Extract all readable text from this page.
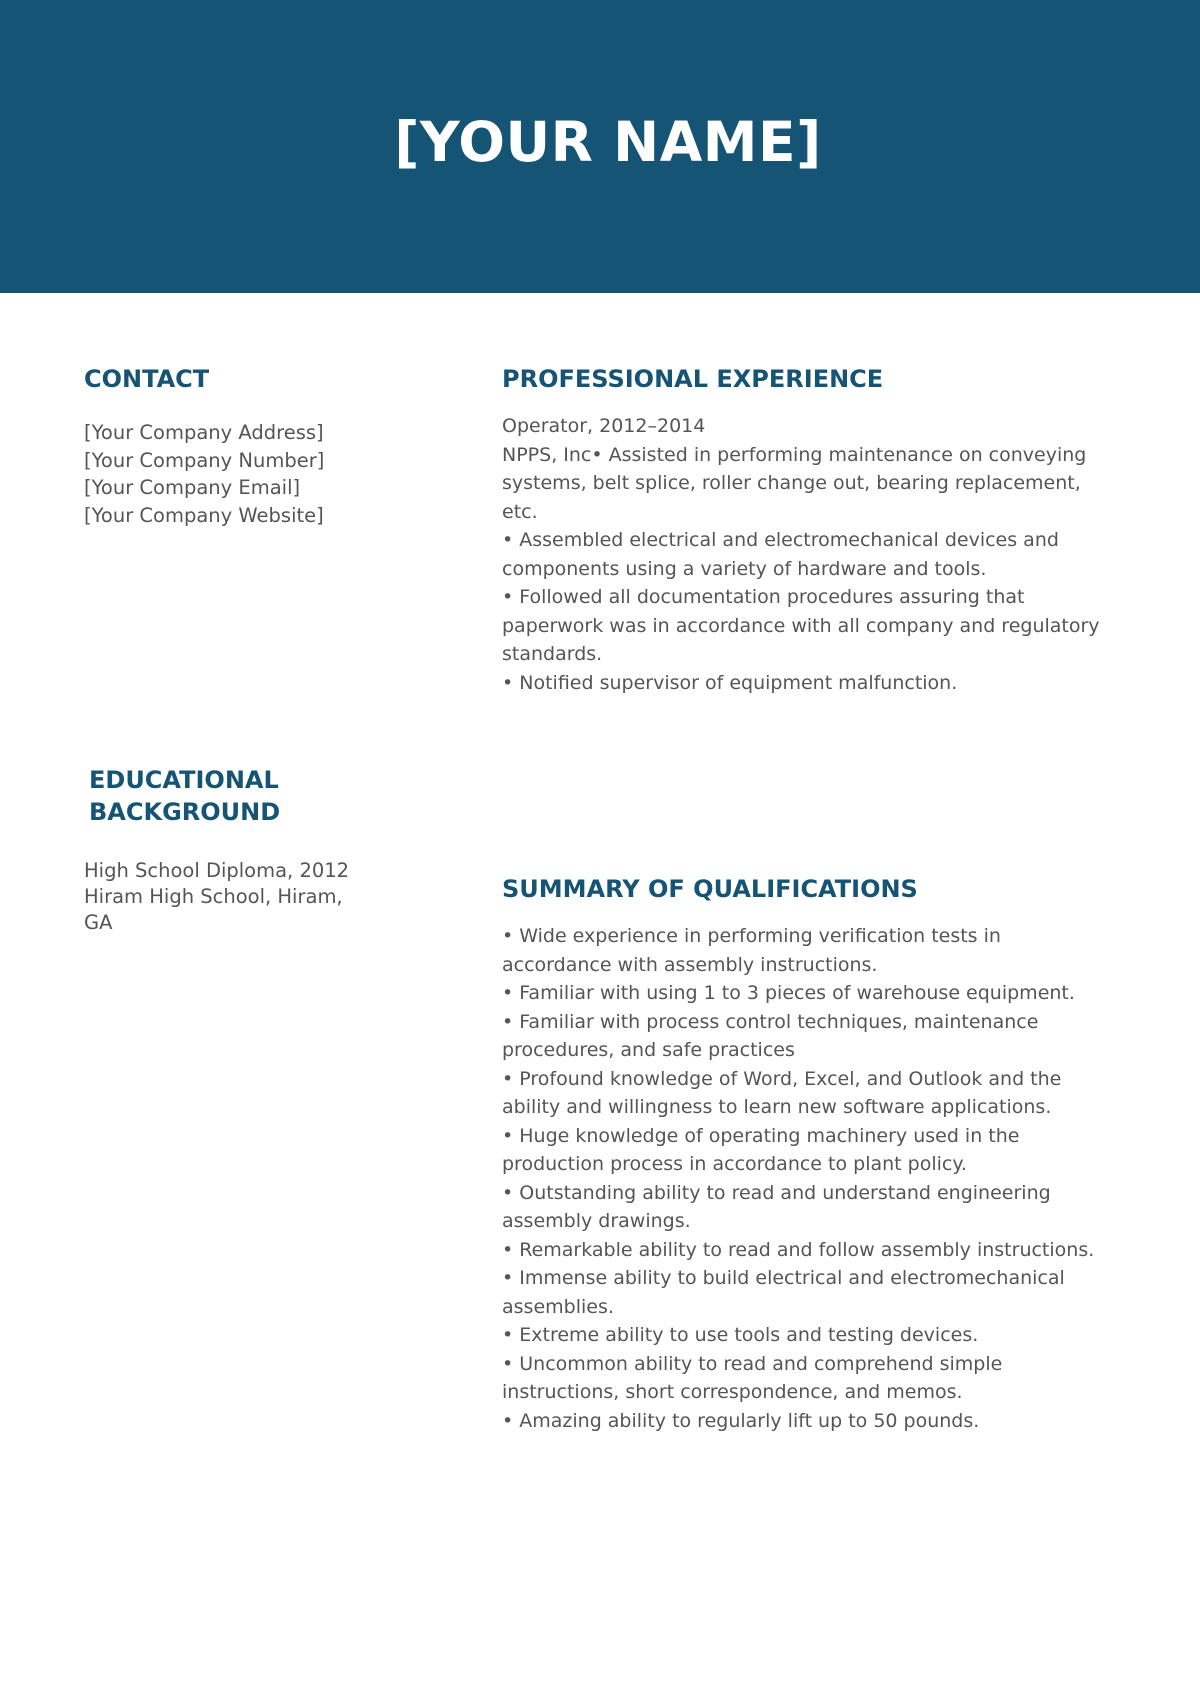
[YOUR NAME]
CONTACT
[Your Company Address]
[Your Company Number]
[Your Company Email]
[Your Company Website]
EDUCATIONAL
BACKGROUND
High School Diploma, 2012
Hiram High School, Hiram,
GA
PROFESSIONAL EXPERIENCE

Operator, 2012–2014

NPPS, Inc• Assisted in performing maintenance on conveying systems, belt splice, roller change out, bearing replacement, etc.

• Assembled electrical and electromechanical devices and components using a variety of hardware and tools.

• Followed all documentation procedures assuring that paperwork was in accordance with all company and regulatory standards.

• Notified supervisor of equipment malfunction.

SUMMARY OF QUALIFICATIONS

• Wide experience in performing verification tests in accordance with assembly instructions.

• Familiar with using 1 to 3 pieces of warehouse equipment.

• Familiar with process control techniques, maintenance procedures, and safe practices

• Profound knowledge of Word, Excel, and Outlook and the ability and willingness to learn new software applications.

• Huge knowledge of operating machinery used in the production process in accordance to plant policy.

• Outstanding ability to read and understand engineering assembly drawings.

• Remarkable ability to read and follow assembly instructions.

• Immense ability to build electrical and electromechanical assemblies.

• Extreme ability to use tools and testing devices.

• Uncommon ability to read and comprehend simple instructions, short correspondence, and memos.

• Amazing ability to regularly lift up to 50 pounds.
